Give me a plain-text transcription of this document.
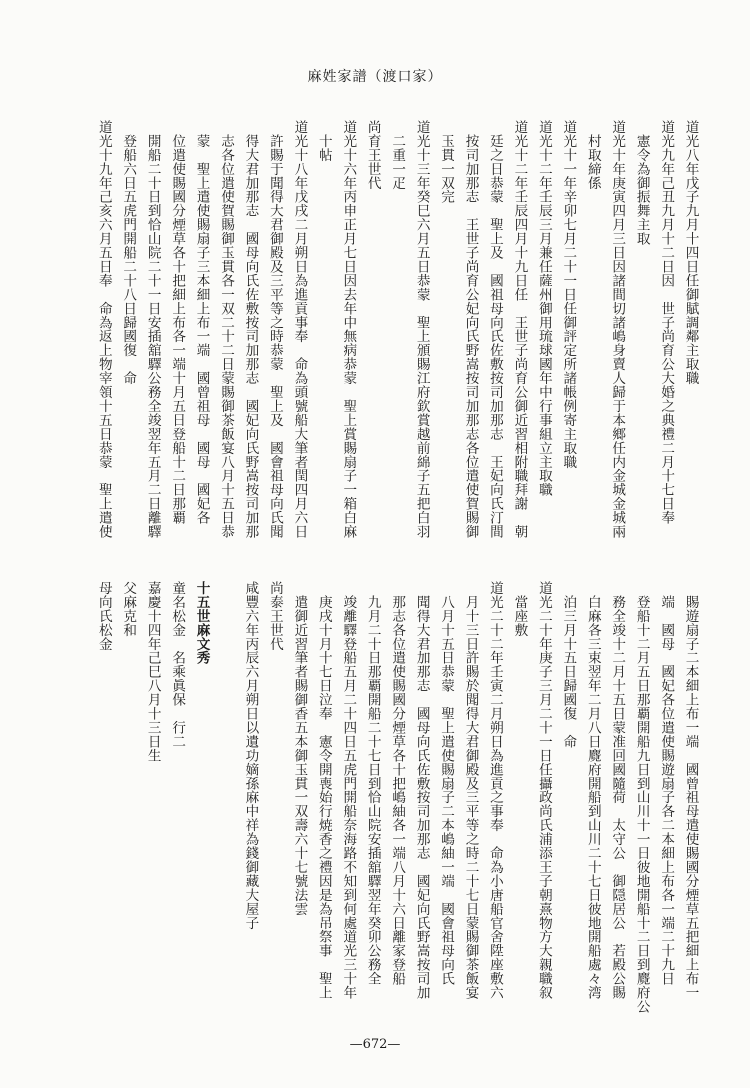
麻姓家譜（渡口家）
道光八年戊子九月十四日任御賦調鄰主取職
道光九年己丑九月十二日因　世子尚育公大婚之典禮二月十七日奉
　憲令為御振舞主取
道光十年庚寅四月三日因諸間切諸嶋身賣人歸于本鄉任内金城金城兩
　村取締係
道光十一年辛卯七月二十一日任御評定所諸帳例寄主取職
道光十二年壬辰三月兼任薩州御用琉球國年中行事組立主取職
道光十二年壬辰四月十九日任　王世子尚育公御近習相附職拜謝　朝
　廷之日恭蒙　聖上及　國祖母向氏佐敷按司加那志　王妃向氏汀間
　按司加那志　王世子尚育公妃向氏野嵩按司加那志各位遣使賀賜御
　玉貫一双完
道光十三年癸巳六月五日恭蒙　聖上頒賜江府欽賞越前綿子五把白羽
　二重一疋
尚育王世代
道光十六年丙申正月七日因去年中無病恭蒙　聖上賞賜扇子一箱白麻
　十帖
道光十八年戊戌二月朔日為進貢事奉　命為頭號船大筆者閏四月六日
　許賜于聞得大君御殿及三平等之時恭蒙　聖上及　國會祖母向氏聞
　得大君加那志　國母向氏佐敷按司加那志　國妃向氏野嵩按司加那
　志各位遣使賀賜御玉貫各一双二十二日蒙賜御茶飯宴八月十五日恭
　蒙　聖上遣使賜扇子三本細上布一端　國曾祖母　國母　國妃各
　位遣使賜國分煙草各十把細上布各一端十月五日登船十二日那覇
　開船二十日到恰山院二十一日安插舘驛公務全竣翌年五月二日離驛
　登船六日五虎門開船二十八日歸國復　命
道光十九年己亥六月五日奉　命為返上物宰領十五日恭蒙　聖上遣使
　賜遊扇子二本細上布一端　國曾祖母遣使賜國分煙草五把細上布一
　端　國母　國妃各位遣使賜遊扇子各二本細上布各一端二十九日
　登船十二月五日那覇開船九日到山川十一日彼地開船十二日到麑府公
　務全竣十二月十五日蒙准回國隨荷　太守公　御隠居公　若殿公賜
　白麻各三束翌年二月八日麑府開船到山川二十七日彼地開船處々湾
　泊三月十五日歸國復　命
道光二十年庚子三月二十一日任攝政尚氏浦添王子朝熹物方大親職叙
　當座敷
道光二十二年壬寅二月朔日為進貢之事奉　命為小唐船官舍陞座敷六
　月十三日許賜於聞得大君御殿及三平等之時二十七日蒙賜御茶飯宴
　八月十五日恭蒙　聖上遣使賜扇子二本嶋紬一端　國會祖母向氏
　聞得大君加那志　國母向氏佐敷按司加那志　國妃向氏野嵩按司加
　那志各位遣使賜國分煙草各十把嶋紬各一端八月十六日離家登船
　九月二十日那覇開船二十七日到恰山院安插舘驛翌年癸卯公務全
　竣離驛登船五月二十四日五虎門開船奈海路不知到何處道光三十年
　庚戌十月十七日泣奉　憲令開喪始行焼香之禮因是為吊祭事　聖上
　遣御近習筆者賜御香五本御玉貫一双壽六十七號法雲
尚泰王世代
咸豐六年丙辰六月朔日以遺功嫡孫麻中祥為錢御藏大屋子
十五世麻文秀
童名松金　名乘眞保　行二
嘉慶十四年己巳八月十三日生
父麻克和
母向氏松金
—672—
